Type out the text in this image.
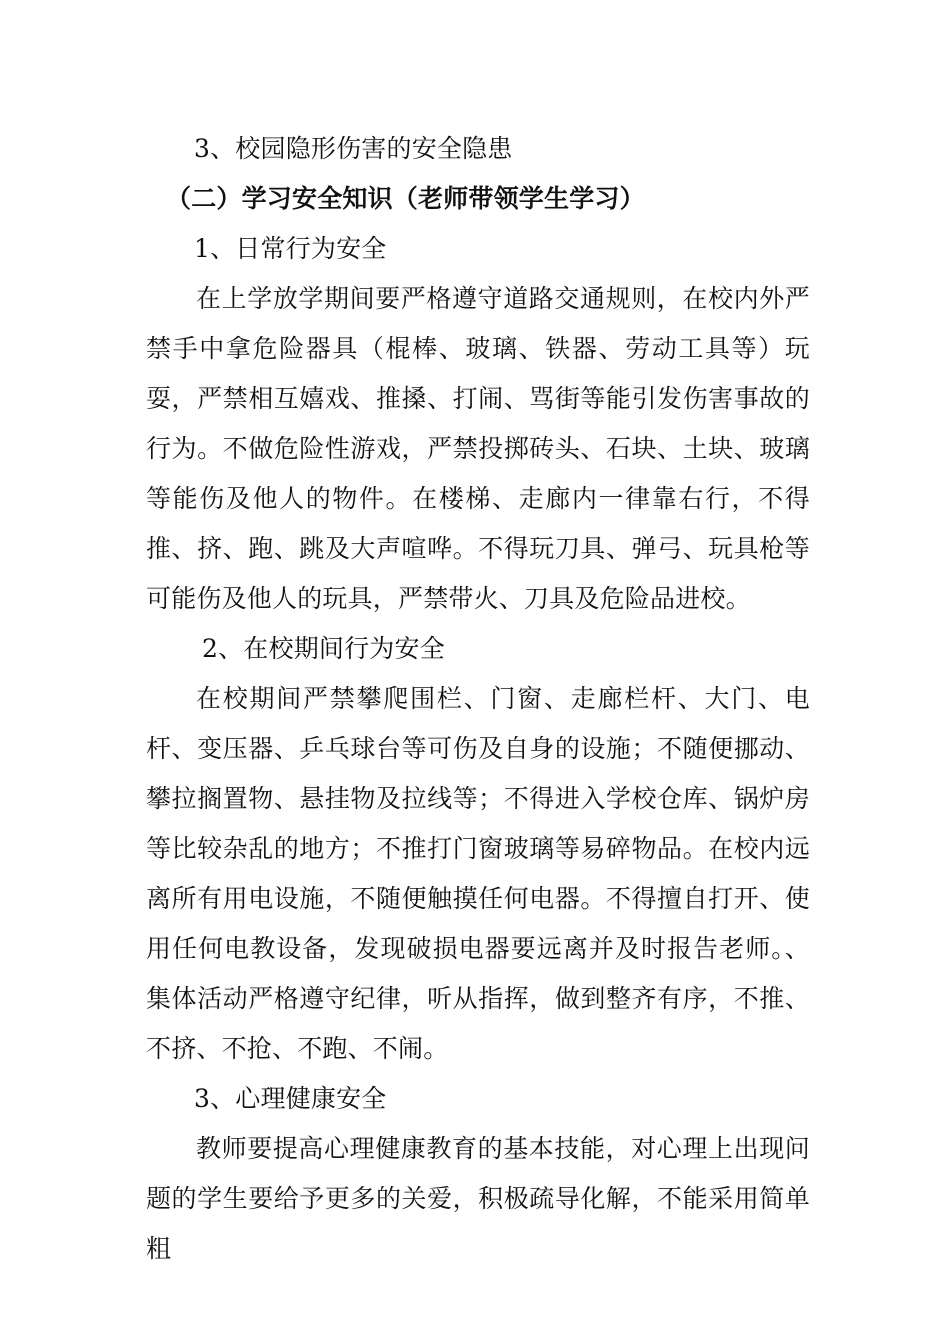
3、校园隐形伤害的安全隐患

（二）学习安全知识（老师带领学生学习）

1、日常行为安全

在上学放学期间要严格遵守道路交通规则，在校内外严禁手中拿危险器具（棍棒、玻璃、铁器、劳动工具等）玩耍，严禁相互嬉戏、推搡、打闹、骂街等能引发伤害事故的行为。不做危险性游戏，严禁投掷砖头、石块、土块、玻璃等能伤及他人的物件。在楼梯、走廊内一律靠右行，不得推、挤、跑、跳及大声喧哗。不得玩刀具、弹弓、玩具枪等可能伤及他人的玩具，严禁带火、刀具及危险品进校。

2、在校期间行为安全

在校期间严禁攀爬围栏、门窗、走廊栏杆、大门、电杆、变压器、乒乓球台等可伤及自身的设施；不随便挪动、攀拉搁置物、悬挂物及拉线等；不得进入学校仓库、锅炉房等比较杂乱的地方；不推打门窗玻璃等易碎物品。在校内远离所有用电设施，不随便触摸任何电器。不得擅自打开、使用任何电教设备，发现破损电器要远离并及时报告老师。、集体活动严格遵守纪律，听从指挥，做到整齐有序，不推、不挤、不抢、不跑、不闹。

3、心理健康安全

教师要提高心理健康教育的基本技能，对心理上出现问题的学生要给予更多的关爱，积极疏导化解，不能采用简单粗
